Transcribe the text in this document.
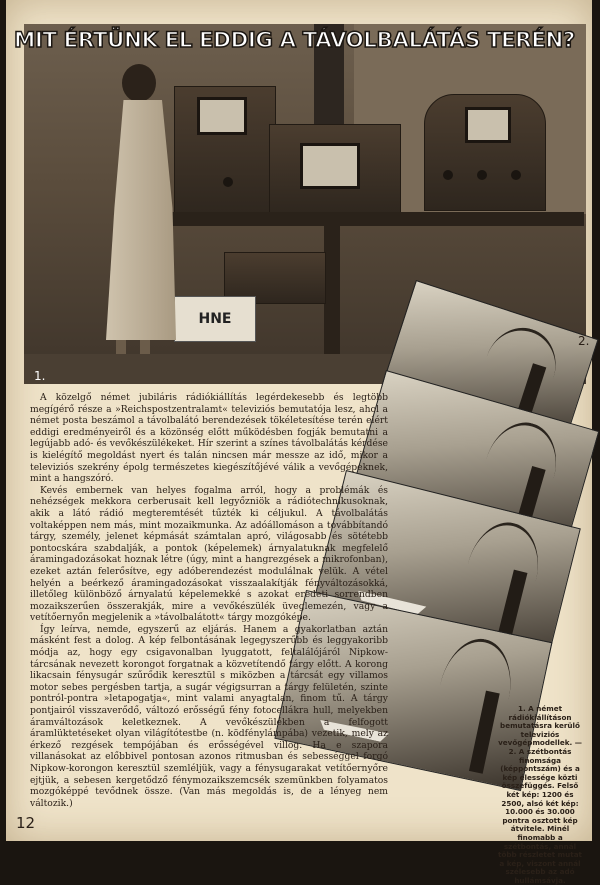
HNE
1.
MIT ÉRTÜNK EL EDDIG A TÁVOLBALÁTÁS TERÉN?
2.

A közelgő német jubiláris rádiókiállítás legérdekesebb és legtöbb megígérő része a »Reichspostzentralamt« televiziós bemutatója lesz, ahol a német posta beszámol a távolbalátó berendezések tökéletesítése terén elért eddigi eredményeiről és a közönség előtt működésben fogják bemutatni a legújabb adó- és vevőkészülékeket. Hír szerint a színes távolbalátás kérdése is kielégítő megoldást nyert és talán nincsen már messze az idő, mikor a televiziós szekrény épolg természetes kiegészítőjévé válik a vevőgépeknek, mint a hangszóró.

Kevés embernek van helyes fogalma arról, hogy a problémák és nehézségek mekkora cerberusait kell legyőzniök a rádiótechnikusoknak, akik a látó rádió megteremtését tűzték ki céljukul. A távolbalátás voltaképpen nem más, mint mozaikmunka. Az adóállomáson a továbbítandó tárgy, személy, jelenet képmását számtalan apró, világosabb és sötétebb pontocskára szabdalják, a pontok (képelemek) árnyalatuknak megfelelő áramingadozásokat hoznak létre (úgy, mint a hangrezgések a mikrofonban), ezeket aztán felerősítve, egy adóberendezést modulálnak velük. A vétel helyén a beérkező áramingadozásokat visszaalakítják fényváltozásokká, illetőleg különböző árnyalatú képelemekké s azokat eredeti sorrendben mozaikszerűen összerakják, mire a vevőkészülék üveglemezén, vagy a vetítőernyőn megjelenik a »távolbalátott« tárgy mozgóképe.

Így leírva, nemde, egyszerű az eljárás. Hanem a gyakorlatban aztán másként fest a dolog. A kép felbontásának legegyszerűbb és leggyakoribb módja az, hogy egy csigavonalban lyuggatott, feltalálójáról Nipkow-tárcsának nevezett korongot forgatnak a közvetítendő tárgy előtt. A korong likacsain fénysugár szűrődik keresztül s miközben a tárcsát egy villamos motor sebes pergésben tartja, a sugár végigsurran a tárgy felületén, szinte pontról-pontra »letapogatja«, mint valami anyagtalan, finom tű. A tárgy pontjairól visszaverődő, változó erősségű fény fotocellákra hull, melyekben áramváltozások keletkeznek. A vevőkészülékben a felfogott áramlüktetéseket olyan világítótestbe (n. ködfénylámpába) vezetik, mely az érkező rezgések tempójában és erősségével villog. Ha e szapora villanásokat az előbbivel pontosan azonos ritmusban és sebességgel forgó Nipkow-korongon keresztül szemléljük, vagy a fénysugarakat vetítőernyőre ejtjük, a sebesen kergetődző fénymozaikszemcsék szemünkben folyamatos mozgóképpé tevődnek össze. (Van más megoldás is, de a lényeg nem változik.)

1. A német rádiókiállításon bemutatásra kerülő televiziós vevőgépmodellek. — 2. A szétbontás finomsága (képpontszám) és a kép élessége közti összefüggés. Felső két kép: 1200 és 2500, alsó két kép: 10.000 és 30.000 pontra osztott kép átvitele. Minél finomabb a szétbontás, annál több részletet mutat a kép, viszont annál szélesebb az adó hullámsávja.
12
